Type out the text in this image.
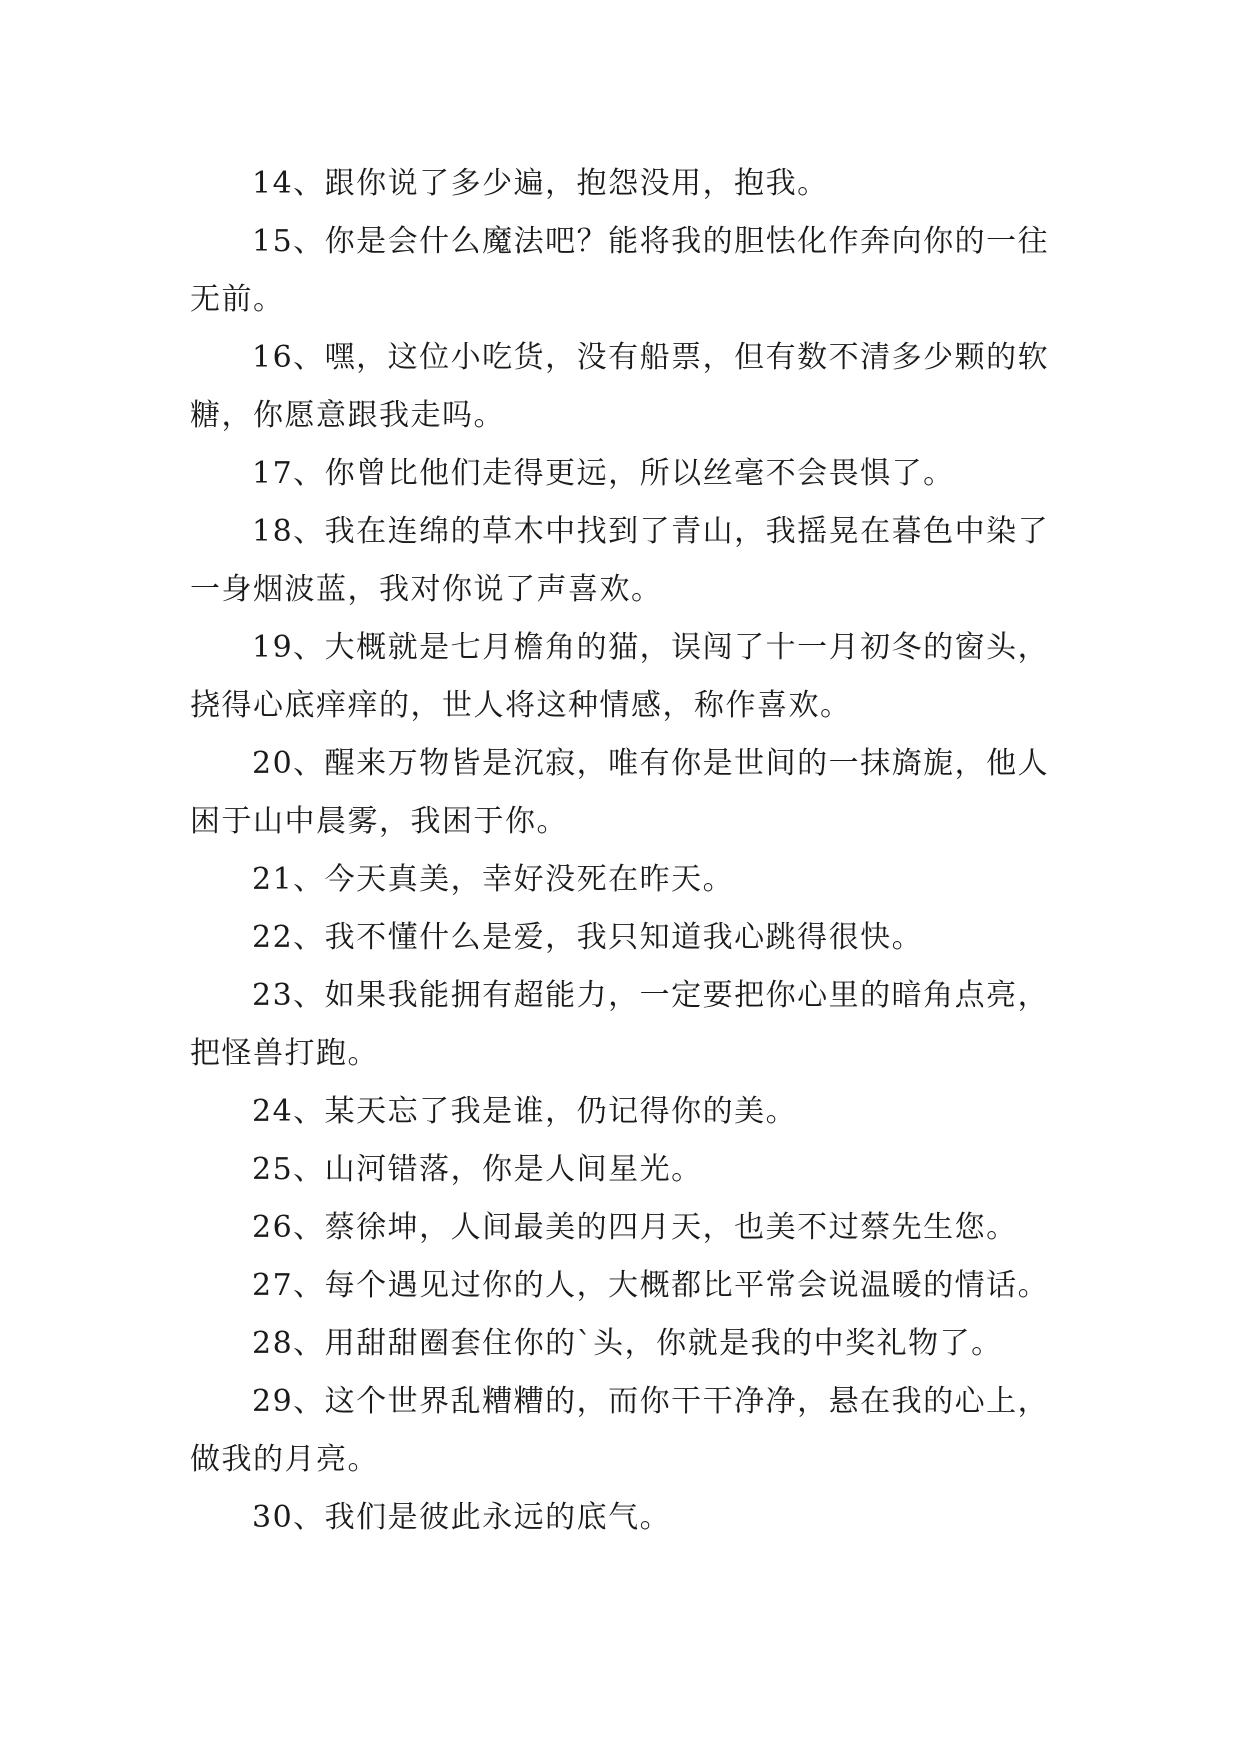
14、跟你说了多少遍，抱怨没用，抱我。

15、你是会什么魔法吧？能将我的胆怯化作奔向你的一往无前。

16、嘿，这位小吃货，没有船票，但有数不清多少颗的软糖，你愿意跟我走吗。

17、你曾比他们走得更远，所以丝毫不会畏惧了。

18、我在连绵的草木中找到了青山，我摇晃在暮色中染了一身烟波蓝，我对你说了声喜欢。

19、大概就是七月檐角的猫，误闯了十一月初冬的窗头，挠得心底痒痒的，世人将这种情感，称作喜欢。

20、醒来万物皆是沉寂，唯有你是世间的一抹旖旎，他人困于山中晨雾，我困于你。

21、今天真美，幸好没死在昨天。

22、我不懂什么是爱，我只知道我心跳得很快。

23、如果我能拥有超能力，一定要把你心里的暗角点亮，把怪兽打跑。

24、某天忘了我是谁，仍记得你的美。

25、山河错落，你是人间星光。

26、蔡徐坤，人间最美的四月天，也美不过蔡先生您。

27、每个遇见过你的人，大概都比平常会说温暖的情话。

28、用甜甜圈套住你的`头，你就是我的中奖礼物了。

29、这个世界乱糟糟的，而你干干净净，悬在我的心上，做我的月亮。

30、我们是彼此永远的底气。
